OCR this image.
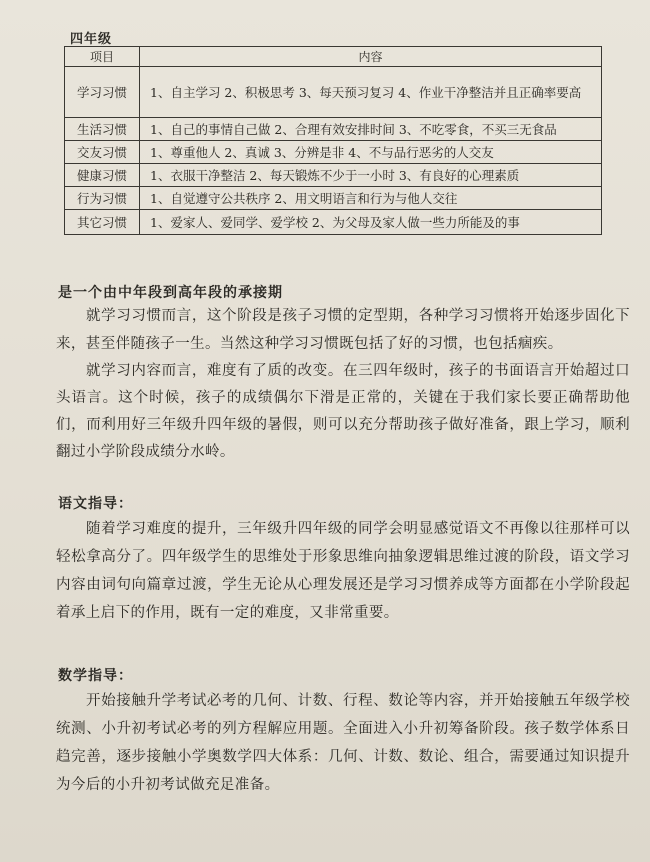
四年级
项目	内容
学习习惯	1、自主学习 2、积极思考 3、每天预习复习 4、作业干净整洁并且正确率要高
生活习惯	1、自己的事情自己做 2、合理有效安排时间 3、不吃零食，不买三无食品
交友习惯	1、尊重他人 2、真诚 3、分辨是非 4、不与品行恶劣的人交友
健康习惯	1、衣服干净整洁 2、每天锻炼不少于一小时 3、有良好的心理素质
行为习惯	1、自觉遵守公共秩序 2、用文明语言和行为与他人交往
其它习惯	1、爱家人、爱同学、爱学校 2、为父母及家人做一些力所能及的事
是一个由中年段到高年段的承接期

就学习习惯而言，这个阶段是孩子习惯的定型期，各种学习习惯将开始逐步固化下来，甚至伴随孩子一生。当然这种学习习惯既包括了好的习惯，也包括痼疾。

就学习内容而言，难度有了质的改变。在三四年级时，孩子的书面语言开始超过口头语言。这个时候，孩子的成绩偶尔下滑是正常的，关键在于我们家长要正确帮助他们，而利用好三年级升四年级的暑假，则可以充分帮助孩子做好准备，跟上学习，顺利翻过小学阶段成绩分水岭。

语文指导：

随着学习难度的提升，三年级升四年级的同学会明显感觉语文不再像以往那样可以轻松拿高分了。四年级学生的思维处于形象思维向抽象逻辑思维过渡的阶段，语文学习内容由词句向篇章过渡，学生无论从心理发展还是学习习惯养成等方面都在小学阶段起着承上启下的作用，既有一定的难度，又非常重要。

数学指导：

开始接触升学考试必考的几何、计数、行程、数论等内容，并开始接触五年级学校统测、小升初考试必考的列方程解应用题。全面进入小升初筹备阶段。孩子数学体系日趋完善，逐步接触小学奥数学四大体系：几何、计数、数论、组合，需要通过知识提升为今后的小升初考试做充足准备。
